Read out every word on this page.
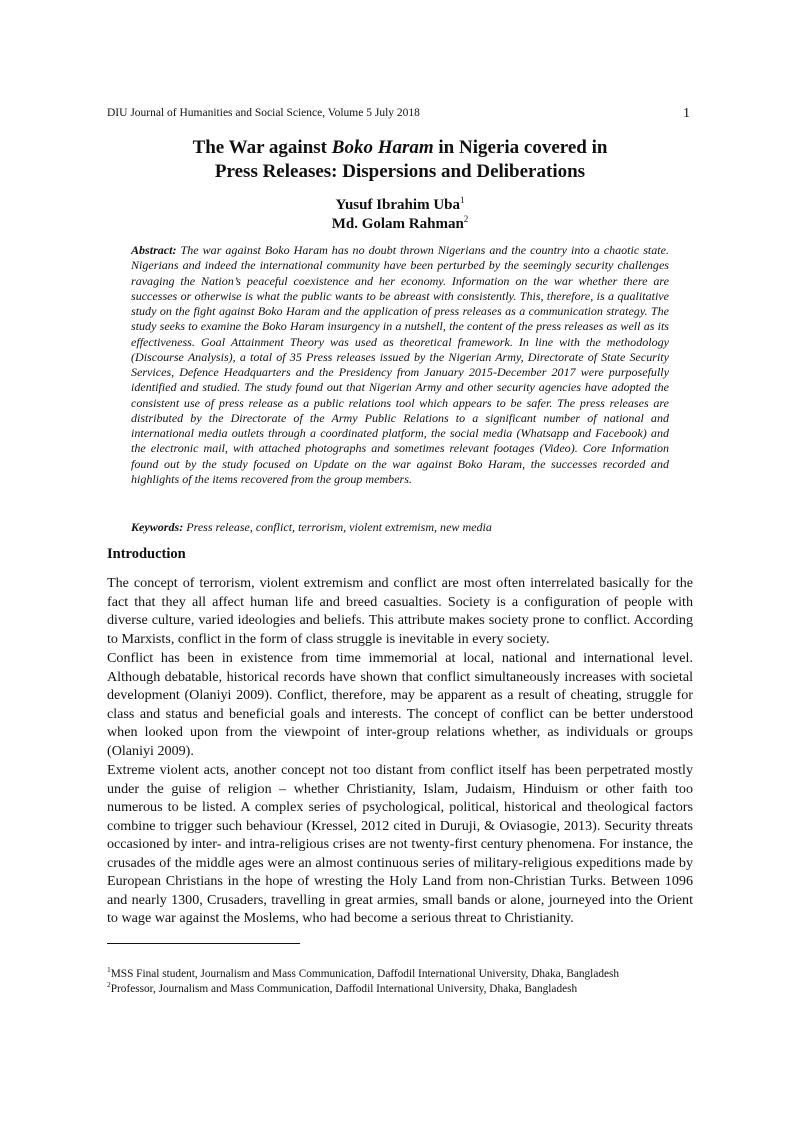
DIU Journal of Humanities and Social Science, Volume 5 July 2018	1
The War against Boko Haram in Nigeria covered in
Press Releases: Dispersions and Deliberations
Yusuf Ibrahim Uba$^1$
Md. Golam Rahman$^2$

Abstract: The war against Boko Haram has no doubt thrown Nigerians and the country into a chaotic state. Nigerians and indeed the international community have been perturbed by the seemingly security challenges ravaging the Nation’s peaceful coexistence and her economy. Information on the war whether there are successes or otherwise is what the public wants to be abreast with consistently. This, therefore, is a qualitative study on the fight against Boko Haram and the application of press releases as a communication strategy. The study seeks to examine the Boko Haram insurgency in a nutshell, the content of the press releases as well as its effectiveness. Goal Attainment Theory was used as theoretical framework. In line with the methodology (Discourse Analysis), a total of 35 Press releases issued by the Nigerian Army, Directorate of State Security Services, Defence Headquarters and the Presidency from January 2015-December 2017 were purposefully identified and studied. The study found out that Nigerian Army and other security agencies have adopted the consistent use of press release as a public relations tool which appears to be safer. The press releases are distributed by the Directorate of the Army Public Relations to a significant number of national and international media outlets through a coordinated platform, the social media (Whatsapp and Facebook) and the electronic mail, with attached photographs and sometimes relevant footages (Video). Core Information found out by the study focused on Update on the war against Boko Haram, the successes recorded and highlights of the items recovered from the group members.

Keywords: Press release, conflict, terrorism, violent extremism, new media

Introduction

The concept of terrorism, violent extremism and conflict are most often interrelated basically for the fact that they all affect human life and breed casualties. Society is a configuration of people with diverse culture, varied ideologies and beliefs. This attribute makes society prone to conflict. According to Marxists, conflict in the form of class struggle is inevitable in every society.

Conflict has been in existence from time immemorial at local, national and international level. Although debatable, historical records have shown that conflict simultaneously increases with societal development (Olaniyi 2009). Conflict, therefore, may be apparent as a result of cheating, struggle for class and status and beneficial goals and interests. The concept of conflict can be better understood when looked upon from the viewpoint of inter-group relations whether, as individuals or groups (Olaniyi 2009).

Extreme violent acts, another concept not too distant from conflict itself has been perpetrated mostly under the guise of religion – whether Christianity, Islam, Judaism, Hinduism or other faith too numerous to be listed. A complex series of psychological, political, historical and theological factors combine to trigger such behaviour (Kressel, 2012 cited in Duruji, & Oviasogie, 2013). Security threats occasioned by inter- and intra-religious crises are not twenty-first century phenomena. For instance, the crusades of the middle ages were an almost continuous series of military-religious expeditions made by European Christians in the hope of wresting the Holy Land from non-Christian Turks. Between 1096 and nearly 1300, Crusaders, travelling in great armies, small bands or alone, journeyed into the Orient to wage war against the Moslems, who had become a serious threat to Christianity.

$^1$MSS Final student, Journalism and Mass Communication, Daffodil International University, Dhaka, Bangladesh

$^2$Professor, Journalism and Mass Communication, Daffodil International University, Dhaka, Bangladesh
